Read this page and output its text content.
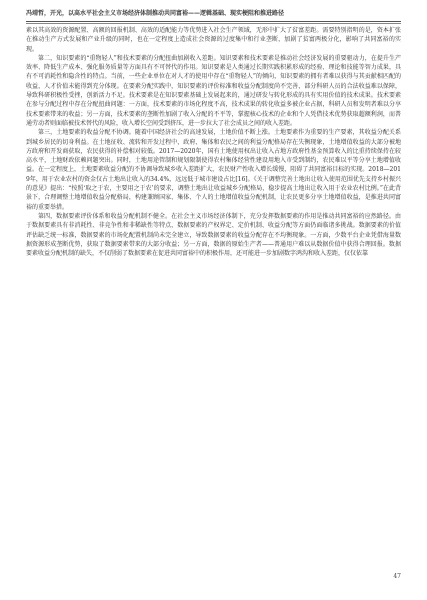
冯靖哲，开光，以高水平社会主义市场经济体制推动共同富裕——逻辑基础、现实梗阻和推进路径

素以其高效的资源配置、高额的回报机制、高效的适配能力等优势进入社会生产领域，无形中扩大了贫富差距。需要特别指明的是，资本扩张在推动生产方式发展和产业升级的同时，也在一定程度上造成社会资源的过度集中和行业垄断，加剧了贫富两极分化，影响了共同富裕的实现。

第二，知识要素的“重物轻人”和技术要素的分配扭曲加剧收入差距。知识要素和技术要素是推动社会经济发展的重要驱动力，在提升生产效率、降低生产成本、强化服务质量等方面具有不可替代的作用。知识要素是人类通过长期实践积累形成的经验、理论和技能等智力成果，具有不可消耗性和隐含性的特点。当前，一些企业单位在对人才的使用中存在“重物轻人”的倾向，知识要素的拥有者难以获得与其贡献相匹配的收益，人才价值未能得到充分体现。在要素分配实践中，知识要素的评价标准和收益分配制度尚不完善，部分科研人员的合法收益难以保障，导致科研积极性受挫，创新活力不足。技术要素是在知识要素基础上发展起来的，通过研发与转化形成的具有实用价值的技术成果。技术要素在参与分配过程中存在分配扭曲问题：一方面，技术要素的市场化程度不高，技术成果的转化收益多被企业占据，科研人员和发明者难以分享技术要素带来的收益；另一方面，技术要素的垄断性加剧了收入分配的不平等，掌握核心技术的企业和个人凭借技术优势获取超额利润，而普通劳动者则面临被技术替代的风险，收入增长空间受到挤压，进一步拉大了社会成员之间的收入差距。

第三，土地要素的收益分配不协调。随着中国经济社会的高速发展，土地价值不断上涨。土地要素作为重要的生产要素，其收益分配关系到城乡居民的切身利益。在土地征收、流转和开发过程中，政府、集体和农民之间的利益分配格局存在失衡现象，土地增值收益的大部分被地方政府和开发商获取，农民获得的补偿相对较低。2017—2020年，国有土地使用权出让收入占地方政府性基金预算收入的比重持续保持在较高水平，土地财政依赖问题突出。同时，土地用途管制和规划限制使得农村集体经营性建设用地入市受到制约，农民难以平等分享土地增值收益。在一定程度上，土地要素收益分配的不协调导致城乡收入差距扩大，农民财产性收入增长缓慢，阻碍了共同富裕目标的实现。2018—2019年，用于农业农村的资金仅占土地出让收入的34.4%，远远低于城市建设占比[16]。《关于调整完善土地出让收入使用范围优先支持乡村振兴的意见》提出：“按照‘取之于农，主要用之于农’的要求，调整土地出让收益城乡分配格局，稳步提高土地出让收入用于农业农村比例。”在此背景下，合理调整土地增值收益分配格局，构建兼顾国家、集体、个人的土地增值收益分配机制，让农民更多分享土地增值收益，是推进共同富裕的重要举措。

第四，数据要素评价体系和收益分配机制不健全。在社会主义市场经济体制下，充分发挥数据要素的作用是推动共同富裕的应然路径。由于数据要素具有非消耗性、非竞争性和非稀缺性等特点，数据要素的产权界定、定价机制、收益分配等方面仍面临诸多挑战。数据要素的价值评估缺乏统一标准，数据要素的市场化配置机制尚未完全建立，导致数据要素的收益分配存在不均衡现象。一方面，少数平台企业凭借海量数据资源形成垄断优势，获取了数据要素带来的大部分收益；另一方面，数据的原始生产者——普通用户难以从数据价值中获得合理回报。数据要素收益分配机制的缺失，不仅削弱了数据要素在促进共同富裕中的积极作用，还可能进一步加剧数字鸿沟和收入差距，仅仅依靠

47
